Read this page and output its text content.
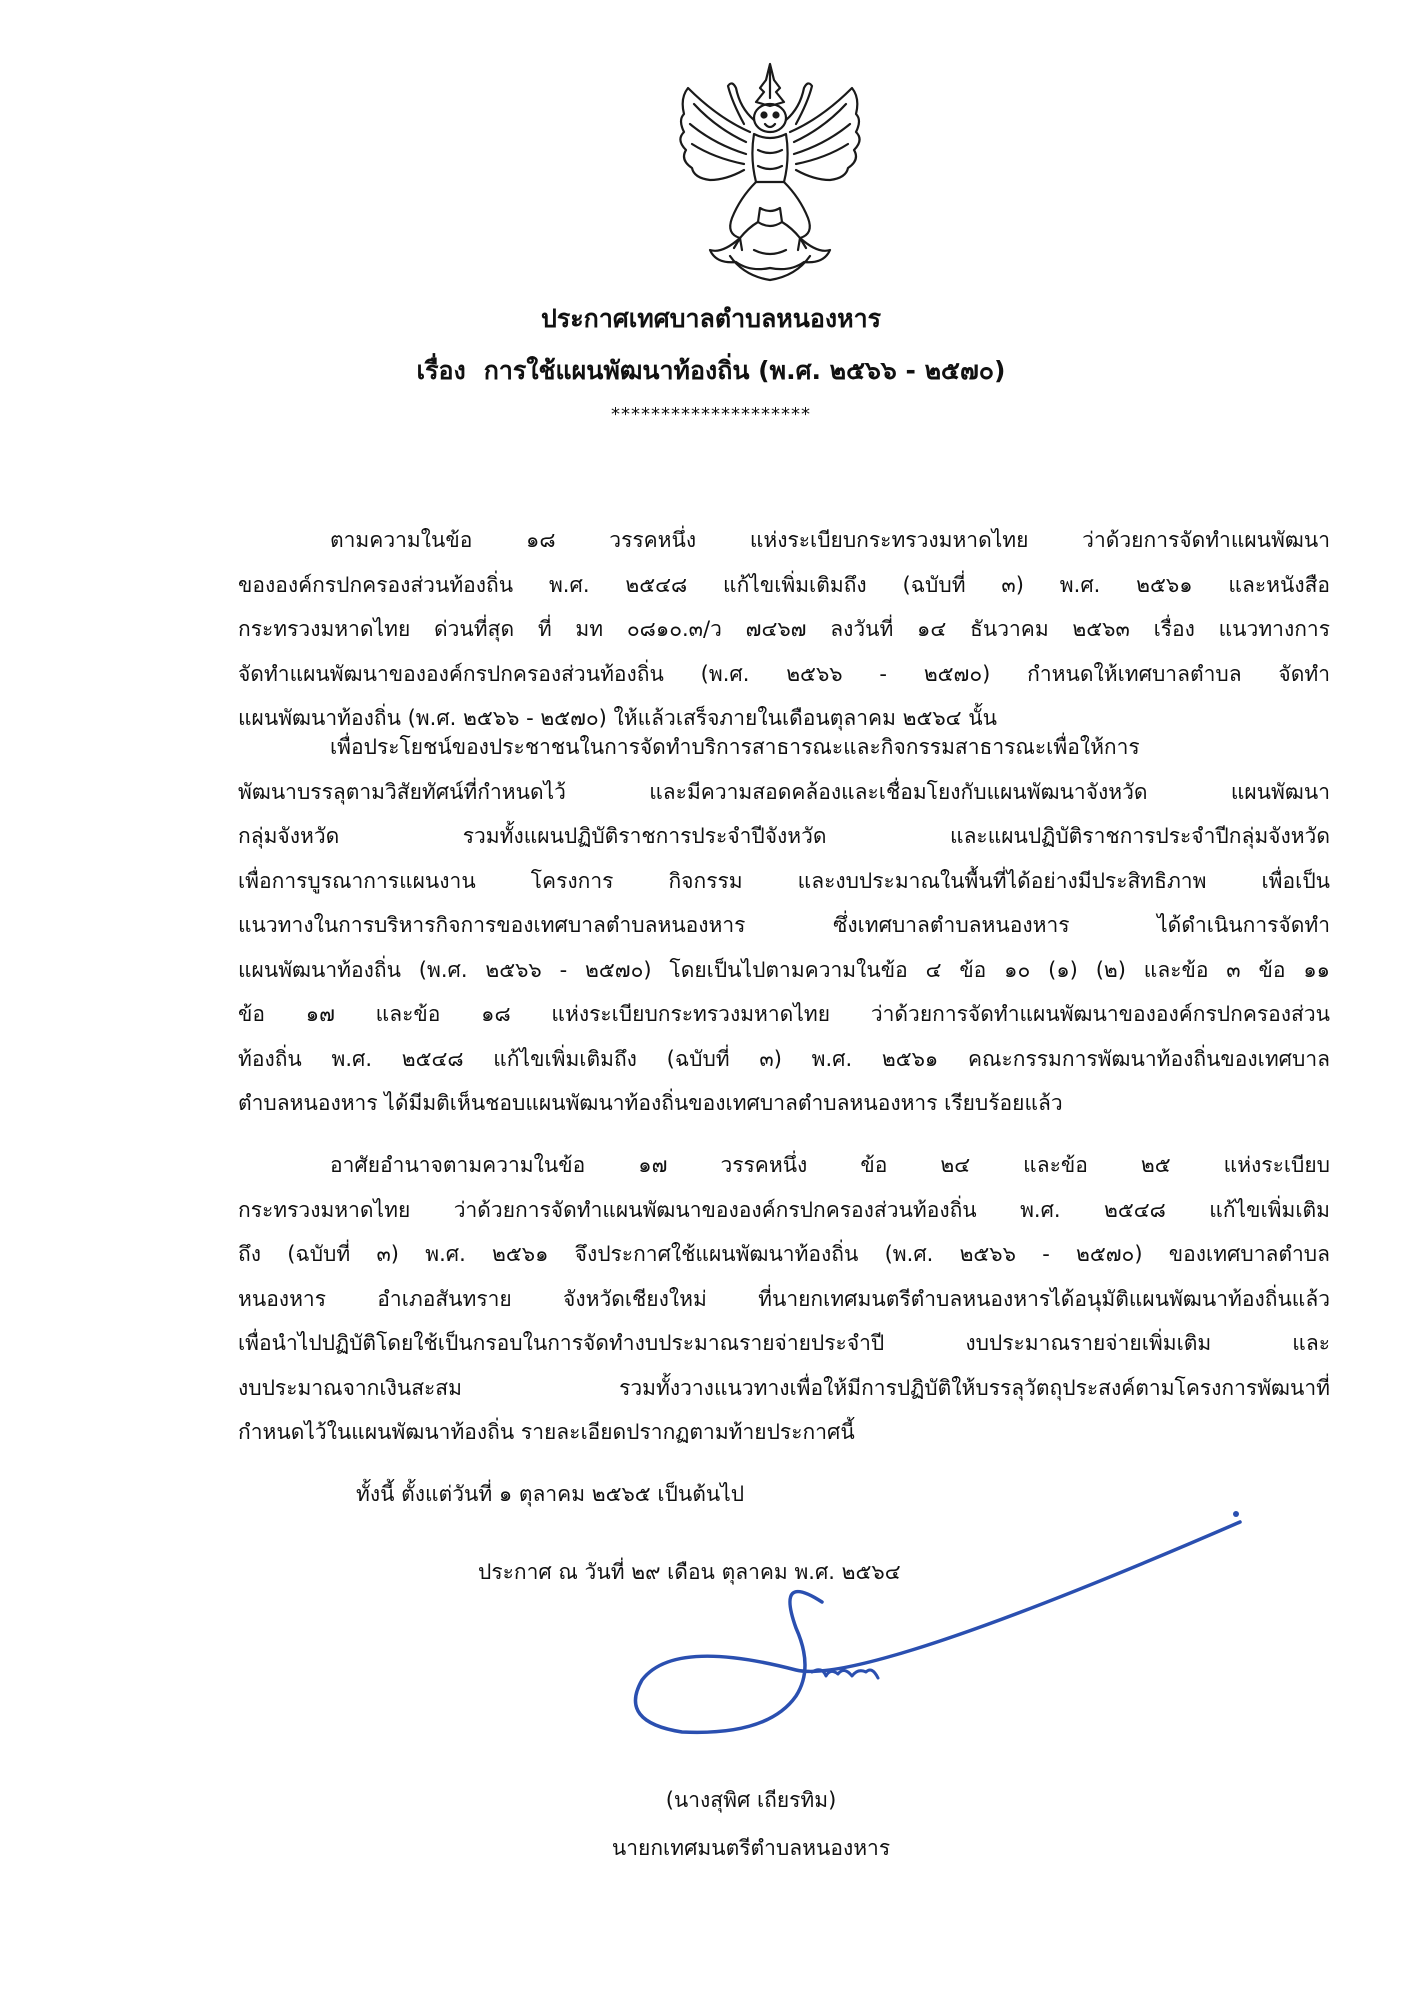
ประกาศเทศบาลตำบลหนองหาร
เรื่อง การใช้แผนพัฒนาท้องถิ่น (พ.ศ. ๒๕๖๖ - ๒๕๗๐)
********************
ตามความในข้อ ๑๘ วรรคหนึ่ง แห่งระเบียบกระทรวงมหาดไทย ว่าด้วยการจัดทำแผนพัฒนา
ขององค์กรปกครองส่วนท้องถิ่น พ.ศ. ๒๕๔๘ แก้ไขเพิ่มเติมถึง (ฉบับที่ ๓) พ.ศ. ๒๕๖๑ และหนังสือ
กระทรวงมหาดไทย ด่วนที่สุด ที่ มท ๐๘๑๐.๓/ว ๗๔๖๗ ลงวันที่ ๑๔ ธันวาคม ๒๕๖๓ เรื่อง แนวทางการ
จัดทำแผนพัฒนาขององค์กรปกครองส่วนท้องถิ่น (พ.ศ. ๒๕๖๖ - ๒๕๗๐) กำหนดให้เทศบาลตำบล จัดทำ
แผนพัฒนาท้องถิ่น (พ.ศ. ๒๕๖๖ - ๒๕๗๐) ให้แล้วเสร็จภายในเดือนตุลาคม ๒๕๖๔ นั้น
เพื่อประโยชน์ของประชาชนในการจัดทำบริการสาธารณะและกิจกรรมสาธารณะเพื่อให้การ
พัฒนาบรรลุตามวิสัยทัศน์ที่กำหนดไว้ และมีความสอดคล้องและเชื่อมโยงกับแผนพัฒนาจังหวัด แผนพัฒนา
กลุ่มจังหวัด รวมทั้งแผนปฏิบัติราชการประจำปีจังหวัด และแผนปฏิบัติราชการประจำปีกลุ่มจังหวัด
เพื่อการบูรณาการแผนงาน โครงการ กิจกรรม และงบประมาณในพื้นที่ได้อย่างมีประสิทธิภาพ เพื่อเป็น
แนวทางในการบริหารกิจการของเทศบาลตำบลหนองหาร ซึ่งเทศบาลตำบลหนองหาร ได้ดำเนินการจัดทำ
แผนพัฒนาท้องถิ่น (พ.ศ. ๒๕๖๖ - ๒๕๗๐) โดยเป็นไปตามความในข้อ ๔ ข้อ ๑๐ (๑) (๒) และข้อ ๓ ข้อ ๑๑
ข้อ ๑๗ และข้อ ๑๘ แห่งระเบียบกระทรวงมหาดไทย ว่าด้วยการจัดทำแผนพัฒนาขององค์กรปกครองส่วน
ท้องถิ่น พ.ศ. ๒๕๔๘ แก้ไขเพิ่มเติมถึง (ฉบับที่ ๓) พ.ศ. ๒๕๖๑ คณะกรรมการพัฒนาท้องถิ่นของเทศบาล
ตำบลหนองหาร ได้มีมติเห็นชอบแผนพัฒนาท้องถิ่นของเทศบาลตำบลหนองหาร เรียบร้อยแล้ว
อาศัยอำนาจตามความในข้อ ๑๗ วรรคหนึ่ง ข้อ ๒๔ และข้อ ๒๕ แห่งระเบียบ
กระทรวงมหาดไทย ว่าด้วยการจัดทำแผนพัฒนาขององค์กรปกครองส่วนท้องถิ่น พ.ศ. ๒๕๔๘ แก้ไขเพิ่มเติม
ถึง (ฉบับที่ ๓) พ.ศ. ๒๕๖๑ จึงประกาศใช้แผนพัฒนาท้องถิ่น (พ.ศ. ๒๕๖๖ - ๒๕๗๐) ของเทศบาลตำบล
หนองหาร อำเภอสันทราย จังหวัดเชียงใหม่ ที่นายกเทศมนตรีตำบลหนองหารได้อนุมัติแผนพัฒนาท้องถิ่นแล้ว
เพื่อนำไปปฏิบัติโดยใช้เป็นกรอบในการจัดทำงบประมาณรายจ่ายประจำปี งบประมาณรายจ่ายเพิ่มเติม และ
งบประมาณจากเงินสะสม รวมทั้งวางแนวทางเพื่อให้มีการปฏิบัติให้บรรลุวัตถุประสงค์ตามโครงการพัฒนาที่
กำหนดไว้ในแผนพัฒนาท้องถิ่น รายละเอียดปรากฏตามท้ายประกาศนี้
ทั้งนี้ ตั้งแต่วันที่ ๑ ตุลาคม ๒๕๖๕ เป็นต้นไป
ประกาศ ณ วันที่ ๒๙ เดือน ตุลาคม พ.ศ. ๒๕๖๔
(นางสุพิศ เถียรทิม)
นายกเทศมนตรีตำบลหนองหาร
